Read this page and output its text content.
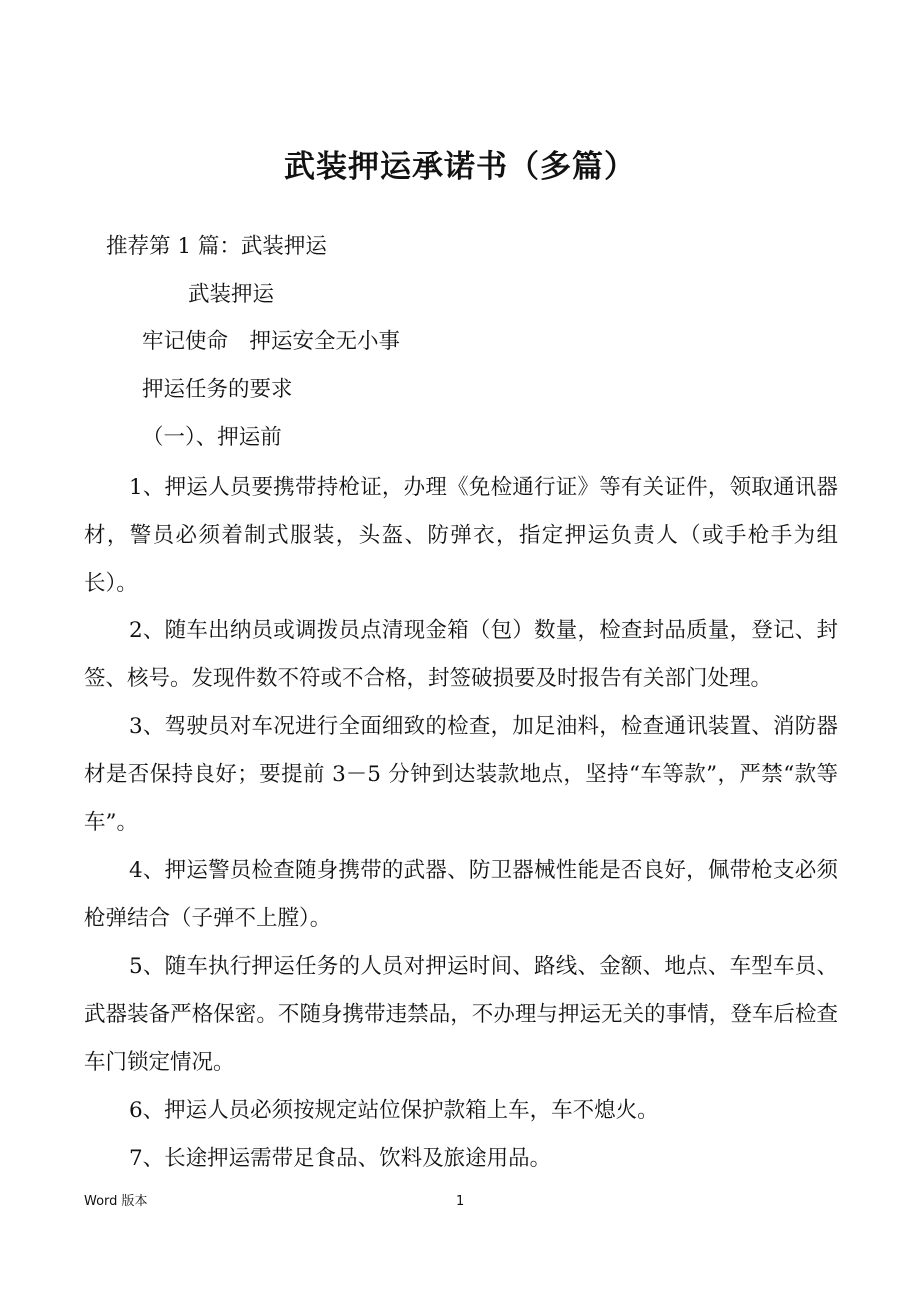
武装押运承诺书（多篇）

推荐第 1 篇：武装押运

武装押运

牢记使命　押运安全无小事

押运任务的要求

（一）、押运前

1、押运人员要携带持枪证，办理《免检通行证》等有关证件，领取通讯器材，警员必须着制式服装，头盔、防弹衣，指定押运负责人（或手枪手为组长）。

2、随车出纳员或调拨员点清现金箱（包）数量，检查封品质量，登记、封签、核号。发现件数不符或不合格，封签破损要及时报告有关部门处理。

3、驾驶员对车况进行全面细致的检查，加足油料，检查通讯装置、消防器材是否保持良好；要提前 3－5 分钟到达装款地点，坚持“车等款”，严禁“款等车”。

4、押运警员检查随身携带的武器、防卫器械性能是否良好，佩带枪支必须枪弹结合（子弹不上膛）。

5、随车执行押运任务的人员对押运时间、路线、金额、地点、车型车员、武器装备严格保密。不随身携带违禁品，不办理与押运无关的事情，登车后检查车门锁定情况。

6、押运人员必须按规定站位保护款箱上车，车不熄火。

7、长途押运需带足食品、饮料及旅途用品。

Word 版本	1
